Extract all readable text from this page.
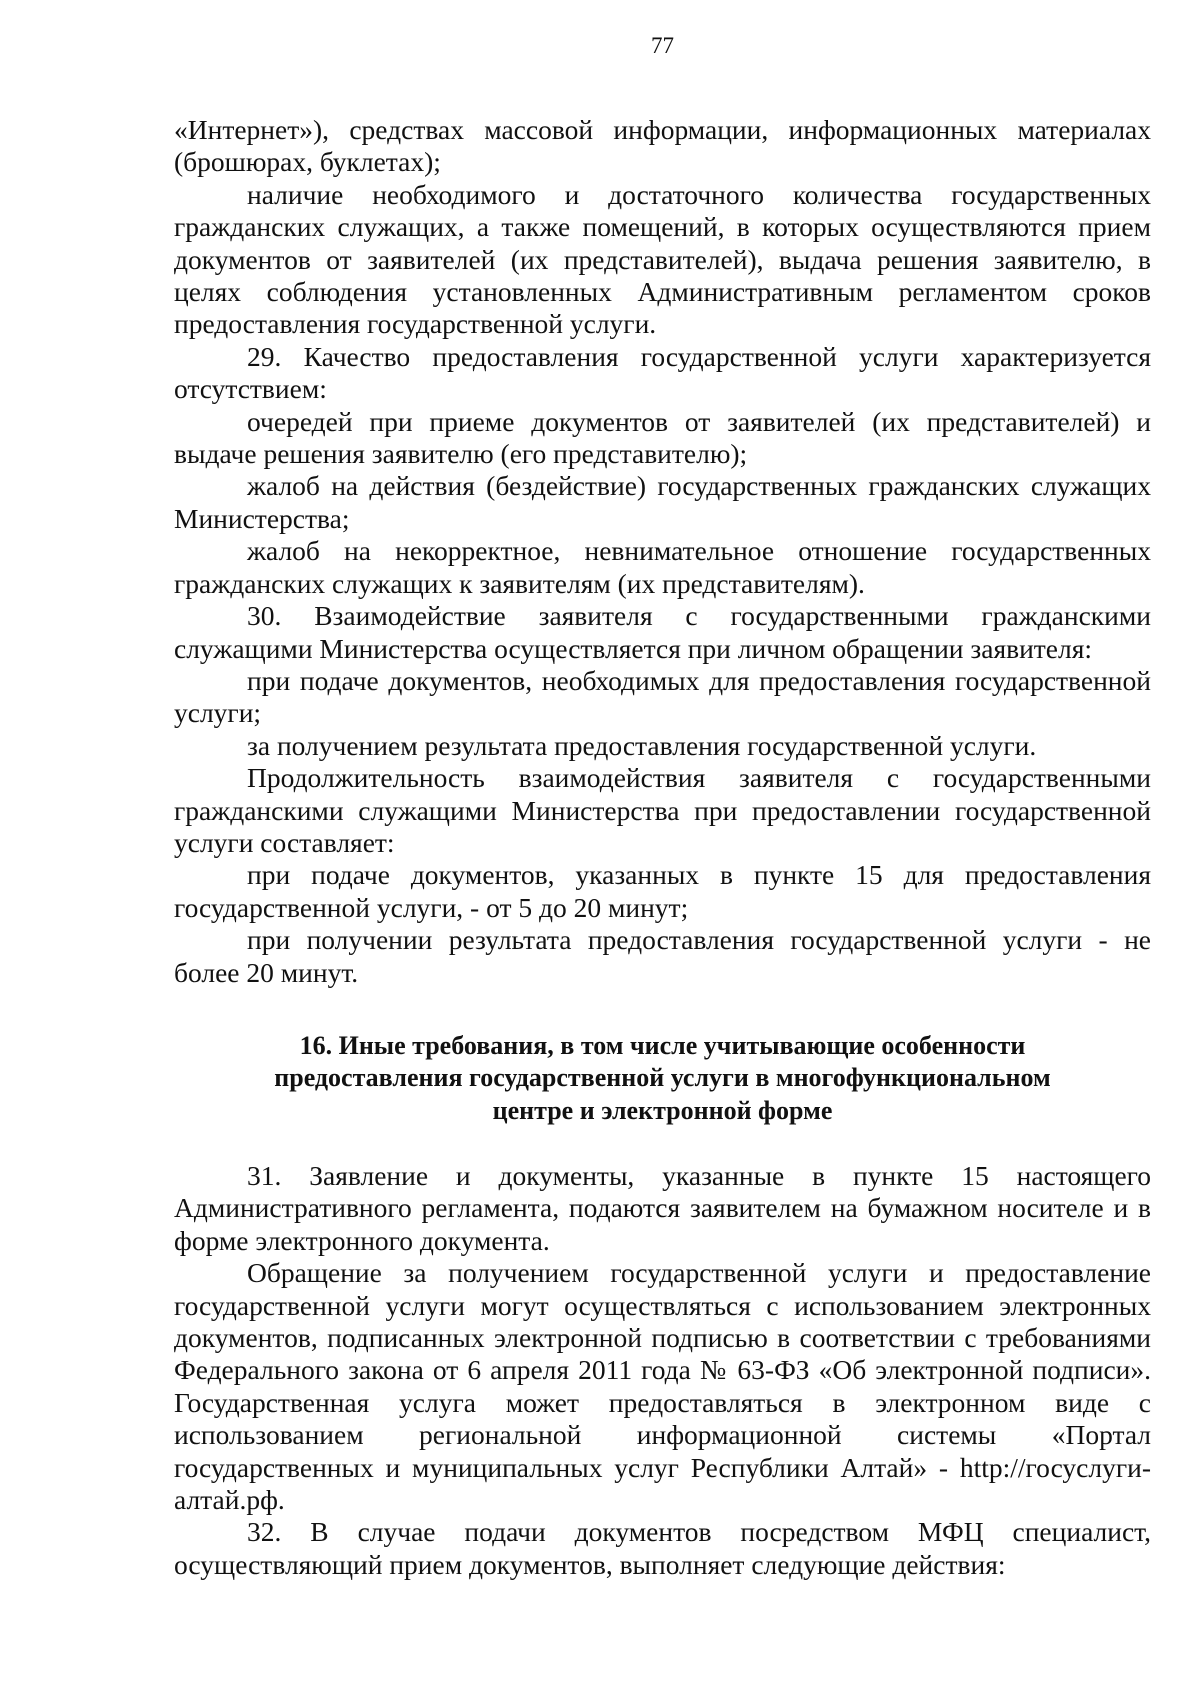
77

«Интернет»), средствах массовой информации, информационных материалах (брошюрах, буклетах);

наличие необходимого и достаточного количества государственных гражданских служащих, а также помещений, в которых осуществляются прием документов от заявителей (их представителей), выдача решения заявителю, в целях соблюдения установленных Административным регламентом сроков предоставления государственной услуги.

29. Качество предоставления государственной услуги характеризуется отсутствием:

очередей при приеме документов от заявителей (их представителей) и выдаче решения заявителю (его представителю);

жалоб на действия (бездействие) государственных гражданских служащих Министерства;

жалоб на некорректное, невнимательное отношение государственных гражданских служащих к заявителям (их представителям).

30. Взаимодействие заявителя с государственными гражданскими служащими Министерства осуществляется при личном обращении заявителя:

при подаче документов, необходимых для предоставления государственной услуги;

за получением результата предоставления государственной услуги.

Продолжительность взаимодействия заявителя с государственными гражданскими служащими Министерства при предоставлении государственной услуги составляет:

при подаче документов, указанных в пункте 15 для предоставления государственной услуги, - от 5 до 20 минут;

при получении результата предоставления государственной услуги - не более 20 минут.

16. Иные требования, в том числе учитывающие особенности
предоставления государственной услуги в многофункциональном
центре и электронной форме

31. Заявление и документы, указанные в пункте 15 настоящего Административного регламента, подаются заявителем на бумажном носителе и в форме электронного документа.

Обращение за получением государственной услуги и предоставление государственной услуги могут осуществляться с использованием электронных документов, подписанных электронной подписью в соответствии с требованиями Федерального закона от 6 апреля 2011 года № 63-ФЗ «Об электронной подписи». Государственная услуга может предоставляться в электронном виде с использованием региональной информационной системы «Портал государственных и муниципальных услуг Республики Алтай» - http://госуслуги-алтай.рф.

32. В случае подачи документов посредством МФЦ специалист, осуществляющий прием документов, выполняет следующие действия:
